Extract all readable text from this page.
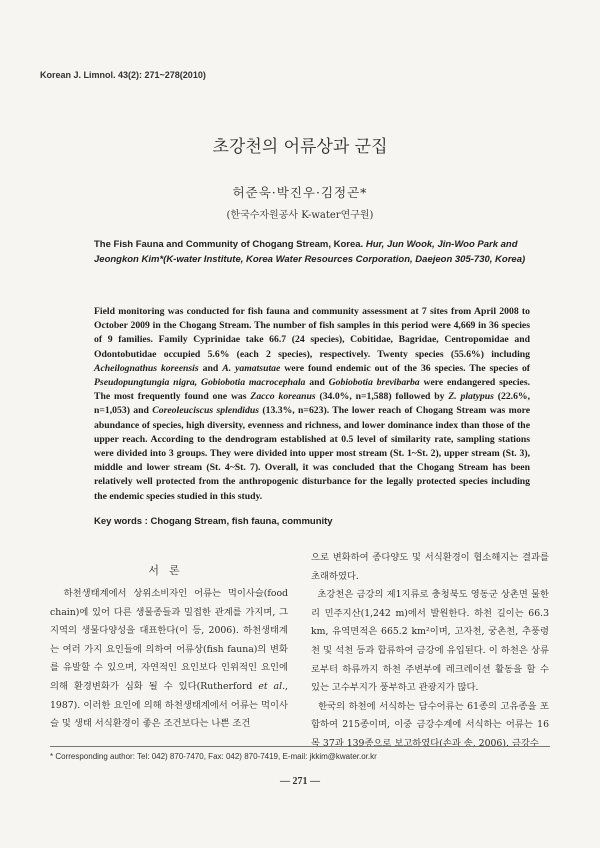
Korean J. Limnol. 43(2): 271~278(2010)
초강천의 어류상과 군집
허준욱·박진우·김정곤*
(한국수자원공사 K-water연구원)
The Fish Fauna and Community of Chogang Stream, Korea. Hur, Jun Wook, Jin-Woo Park and Jeongkon Kim*(K-water Institute, Korea Water Resources Corporation, Daejeon 305-730, Korea)

Field monitoring was conducted for fish fauna and community assessment at 7 sites from April 2008 to October 2009 in the Chogang Stream. The number of fish samples in this period were 4,669 in 36 species of 9 families. Family Cyprinidae take 66.7 (24 species), Cobitidae, Bagridae, Centropomidae and Odontobutidae occupied 5.6% (each 2 species), respectively. Twenty species (55.6%) including Acheilognathus koreensis and A. yamatsutae were found endemic out of the 36 species. The species of Pseudopungtungia nigra, Gobiobotia macrocephala and Gobiobotia brevibarba were endangered species. The most frequently found one was Zacco koreanus (34.0%, n=1,588) followed by Z. platypus (22.6%, n=1,053) and Coreoleuciscus splendidus (13.3%, n=623). The lower reach of Chogang Stream was more abundance of species, high diversity, evenness and richness, and lower dominance index than those of the upper reach. According to the dendrogram established at 0.5 level of similarity rate, sampling stations were divided into 3 groups. They were divided into upper most stream (St. 1~St. 2), upper stream (St. 3), middle and lower stream (St. 4~St. 7). Overall, it was concluded that the Chogang Stream has been relatively well protected from the anthropogenic disturbance for the legally protected species including the endemic species studied in this study.

Key words : Chogang Stream, fish fauna, community
서론

하천생태계에서 상위소비자인 어류는 먹이사슬(food chain)에 있어 다른 생물종들과 밀접한 관계를 가지며, 그 지역의 생물다양성을 대표한다(이 등, 2006). 하천생태계는 여러 가지 요인들에 의하여 어류상(fish fauna)의 변화를 유발할 수 있으며, 자연적인 요인보다 인위적인 요인에 의해 환경변화가 심화 될 수 있다(Rutherford et al., 1987). 이러한 요인에 의해 하천생태계에서 어류는 먹이사슬 및 생태 서식환경이 좋은 조건보다는 나쁜 조건

으로 변화하여 종다양도 및 서식환경이 협소해지는 결과를 초래하였다.

초강천은 금강의 제1지류로 충청북도 영동군 상촌면 물한리 민주지산(1,242 m)에서 발원한다. 하천 길이는 66.3 km, 유역면적은 665.2 km²이며, 고자천, 궁촌천, 추풍령천 및 석천 등과 합류하여 금강에 유입된다. 이 하천은 상류로부터 하류까지 하천 주변부에 레크레이션 활동을 할 수 있는 고수부지가 풍부하고 관광지가 많다.

한국의 하천에 서식하는 담수어류는 61종의 고유종을 포함하여 215종이며, 이중 금강수계에 서식하는 어류는 16목 37과 139종으로 보고하였다(손과 송, 2006). 금강수

* Corresponding author: Tel: 042) 870-7470, Fax: 042) 870-7419, E-mail: jkkim@kwater.or.kr
— 271 —
